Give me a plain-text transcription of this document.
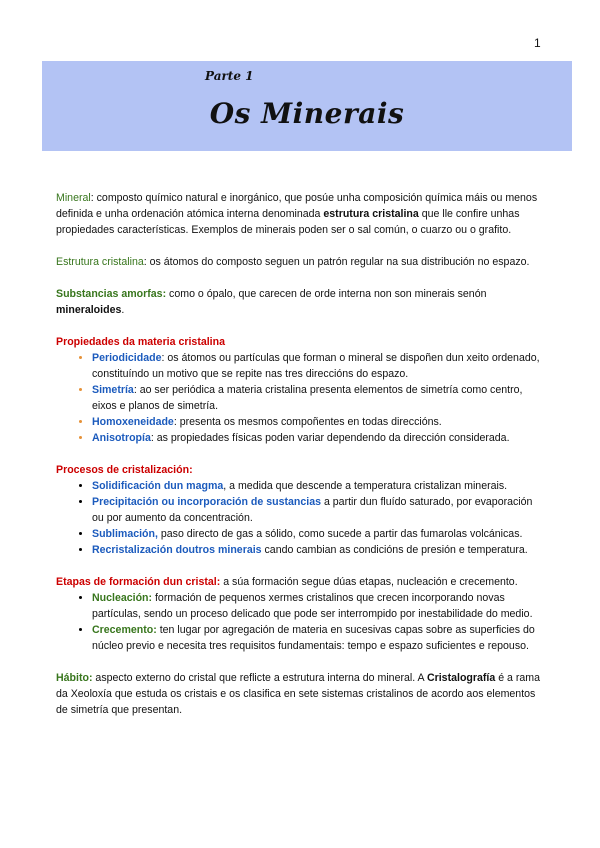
1
Parte 1
Os Minerais

Mineral: composto químico natural e inorgánico, que posúe unha composición química máis ou menos definida e unha ordenación atómica interna denominada estrutura cristalina que lle confire unhas propiedades características. Exemplos de minerais poden ser o sal común, o cuarzo ou o grafito.

Estrutura cristalina: os átomos do composto seguen un patrón regular na sua distribución no espazo.

Substancias amorfas: como o ópalo, que carecen de orde interna non son minerais senón mineraloides.

Propiedades da materia cristalina

• Periodicidade: os átomos ou partículas que forman o mineral se dispoñen dun xeito ordenado, constituíndo un motivo que se repite nas tres direccións do espazo.
• Simetría: ao ser periódica a materia cristalina presenta elementos de simetría como centro, eixos e planos de simetría.
• Homoxeneidade: presenta os mesmos compoñentes en todas direccións.
• Anisotropía: as propiedades físicas poden variar dependendo da dirección considerada.

Procesos de cristalización:

• Solidificación dun magma, a medida que descende a temperatura cristalizan minerais.
• Precipitación ou incorporación de sustancias a partir dun fluído saturado, por evaporación ou por aumento da concentración.
• Sublimación, paso directo de gas a sólido, como sucede a partir das fumarolas volcánicas.
• Recristalización doutros minerais cando cambian as condicións de presión e temperatura.

Etapas de formación dun cristal: a súa formación segue dúas etapas, nucleación e crecemento.

• Nucleación: formación de pequenos xermes cristalinos que crecen incorporando novas partículas, sendo un proceso delicado que pode ser interrompido por inestabilidade do medio.
• Crecemento: ten lugar por agregación de materia en sucesivas capas sobre as superficies do núcleo previo e necesita tres requisitos fundamentais: tempo e espazo suficientes e repouso.

Hábito: aspecto externo do cristal que reflicte a estrutura interna do mineral. A Cristalografía é a rama da Xeoloxía que estuda os cristais e os clasifica en sete sistemas cristalinos de acordo aos elementos de simetría que presentan.
